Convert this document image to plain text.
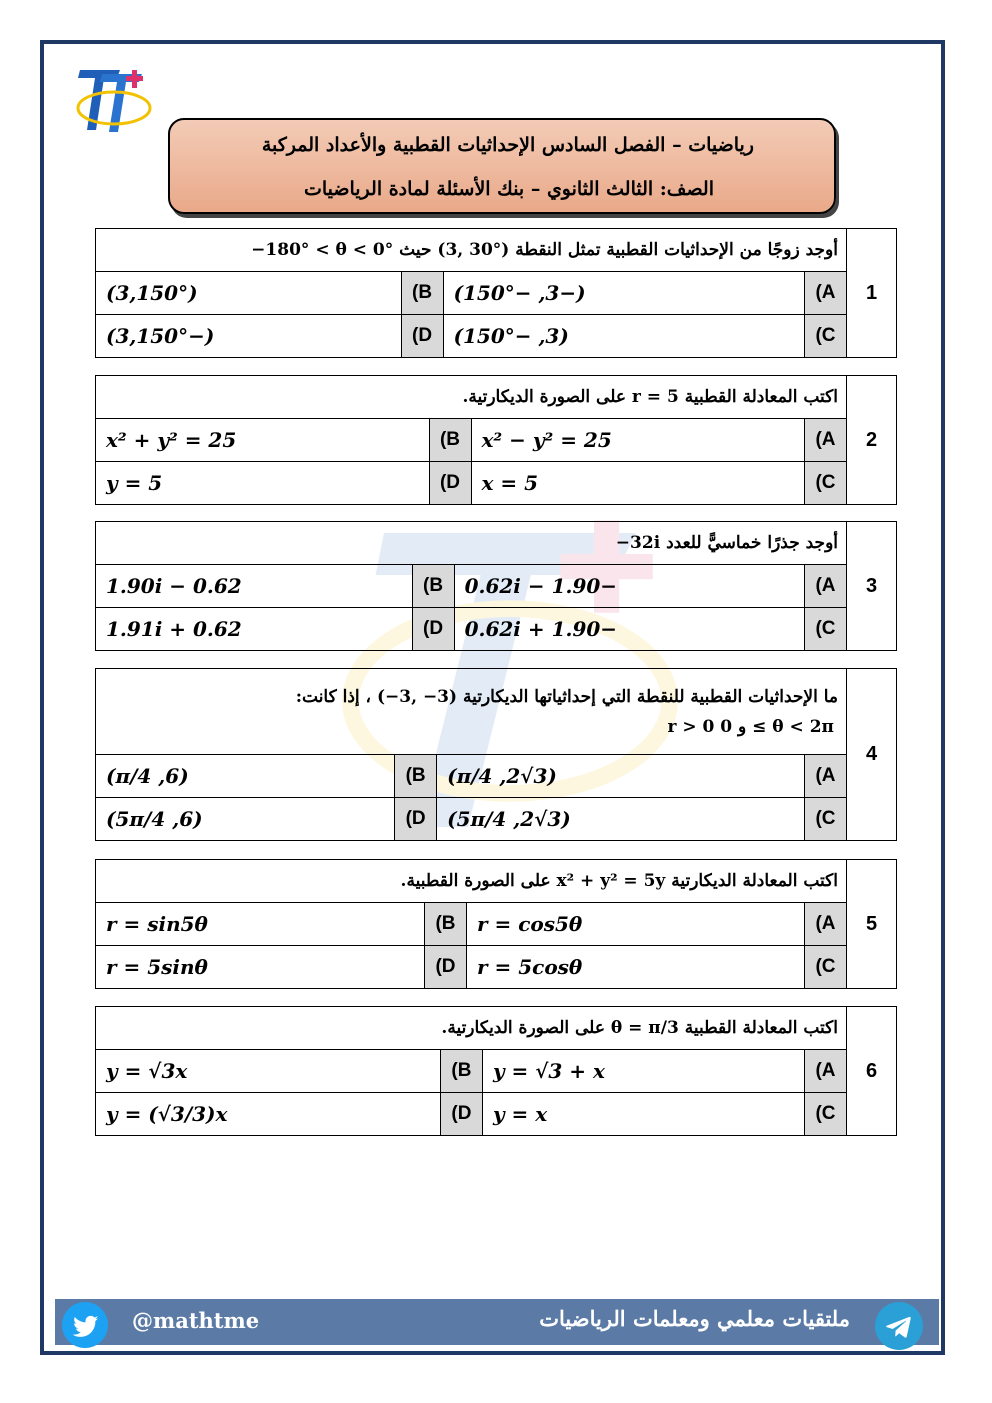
رياضيات – الفصل السادس الإحداثيات القطبية والأعداد المركبة
الصف: الثالث الثانوي – بنك الأسئلة لمادة الرياضيات
1	أوجد زوجًا من الإحداثيات القطبية تمثل النقطة (3, 30°) حيث −180° < θ < 0°			
	A)	(−3, −150°)	B)	(3,150°)
	C)	(3, −150°)	D)	(−3,150°)
2	اكتب المعادلة القطبية r = 5 على الصورة الديكارتية.			
	A)	x² − y² = 25	B)	x² + y² = 25
	C)	x = 5	D)	y = 5
3	أوجد جذرًا خماسيًّ للعدد −32i			
	A)	−1.90 − 0.62i	B)	0.62 − 1.90i
	C)	−1.90 + 0.62i	D)	0.62 + 1.91i
4	ما الإحداثيات القطبية للنقطة التي إحداثياتها الديكارتية (−3, −3) ، إذا كانت:
r > 0 و 0 ≤ θ < 2π			

	A)	(3√2, π/4)	B)	(6, π/4)
	C)	(3√2, 5π/4)	D)	(6, 5π/4)
5	اكتب المعادلة الديكارتية x² + y² = 5y على الصورة القطبية.			
	A)	r = cos5θ	B)	r = sin5θ
	C)	r = 5cosθ	D)	r = 5sinθ
6	اكتب المعادلة القطبية θ = π/3 على الصورة الديكارتية.			
	A)	y = √3 + x	B)	y = √3x
	C)	y = x	D)	y = (√3/3)x
@mathtme	ملتقيات معلمي ومعلمات الرياضيات
